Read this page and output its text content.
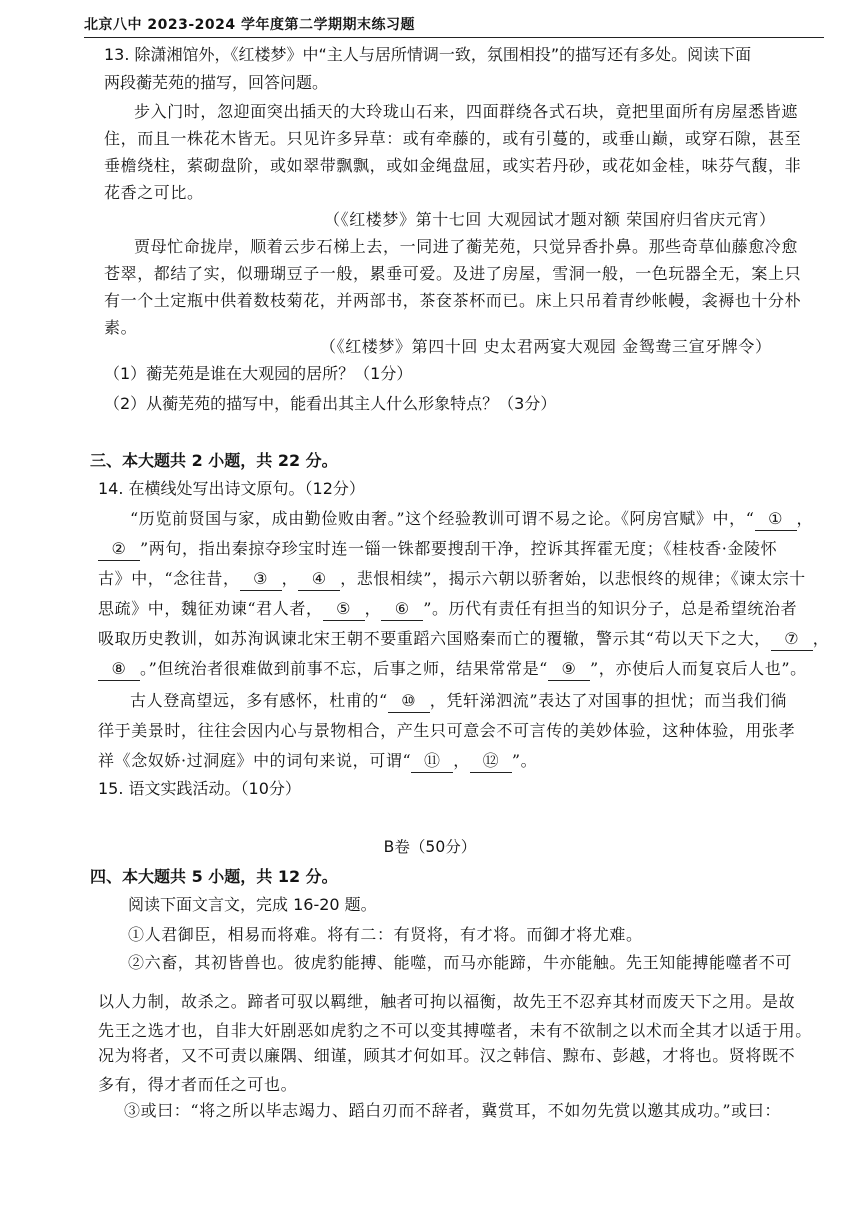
北京八中 2023-2024 学年度第二学期期末练习题
13. 除潇湘馆外，《红楼梦》中“主人与居所情调一致，氛围相投”的描写还有多处。阅读下面
两段蘅芜苑的描写，回答问题。
步入门时，忽迎面突出插天的大玲珑山石来，四面群绕各式石块，竟把里面所有房屋悉皆遮
住，而且一株花木皆无。只见许多异草：或有牵藤的，或有引蔓的，或垂山巅，或穿石隙，甚至
垂檐绕柱，萦砌盘阶，或如翠带飘飘，或如金绳盘屈，或实若丹砂，或花如金桂，味芬气馥，非
花香之可比。
（《红楼梦》第十七回 大观园试才题对额 荣国府归省庆元宵）
贾母忙命拢岸，顺着云步石梯上去，一同进了蘅芜苑，只觉异香扑鼻。那些奇草仙藤愈冷愈
苍翠，都结了实，似珊瑚豆子一般，累垂可爱。及进了房屋，雪洞一般，一色玩器全无，案上只
有一个土定瓶中供着数枝菊花，并两部书，茶奁茶杯而已。床上只吊着青纱帐幔，衾褥也十分朴
素。
（《红楼梦》第四十回 史太君两宴大观园 金鸳鸯三宣牙牌令）
（1）蘅芜苑是谁在大观园的居所？（1分）
（2）从蘅芜苑的描写中，能看出其主人什么形象特点？（3分）
三、本大题共 2 小题，共 22 分。
14. 在横线处写出诗文原句。（12分）
“历览前贤国与家，成由勤俭败由奢。”这个经验教训可谓不易之论。《阿房宫赋》中，“ ① ，
② ”两句，指出秦掠夺珍宝时连一锱一铢都要搜刮干净，控诉其挥霍无度；《桂枝香·金陵怀
古》中，“念往昔， ③ ， ④ ，悲恨相续”，揭示六朝以骄奢始，以悲恨终的规律；《谏太宗十
思疏》中，魏征劝谏“君人者， ⑤ ， ⑥ ”。历代有责任有担当的知识分子，总是希望统治者
吸取历史教训，如苏洵讽谏北宋王朝不要重蹈六国赂秦而亡的覆辙，警示其“苟以天下之大， ⑦ ，
⑧ 。”但统治者很难做到前事不忘，后事之师，结果常常是“ ⑨ ”，亦使后人而复哀后人也”。
古人登高望远，多有感怀，杜甫的“ ⑩ ，凭轩涕泗流”表达了对国事的担忧；而当我们徜
徉于美景时，往往会因内心与景物相合，产生只可意会不可言传的美妙体验，这种体验，用张孝
祥《念奴娇·过洞庭》中的词句来说，可谓“ ⑪ ， ⑫ ”。
15. 语文实践活动。（10分）
B卷（50分）
四、本大题共 5 小题，共 12 分。
阅读下面文言文，完成 16-20 题。
①人君御臣，相易而将难。将有二：有贤将，有才将。而御才将尤难。
②六畜，其初皆兽也。彼虎豹能搏、能噬，而马亦能蹄，牛亦能触。先王知能搏能噬者不可
以人力制，故杀之。蹄者可驭以羁绁，触者可拘以福衡，故先王不忍弃其材而废天下之用。是故
先王之选才也，自非大奸剧恶如虎豹之不可以变其搏噬者，未有不欲制之以术而全其才以适于用。
况为将者，又不可责以廉隅、细谨，顾其才何如耳。汉之韩信、黥布、彭越，才将也。贤将既不
多有，得才者而任之可也。
③或曰：“将之所以毕志竭力、蹈白刃而不辞者，冀赏耳，不如勿先赏以邀其成功。”或曰：
